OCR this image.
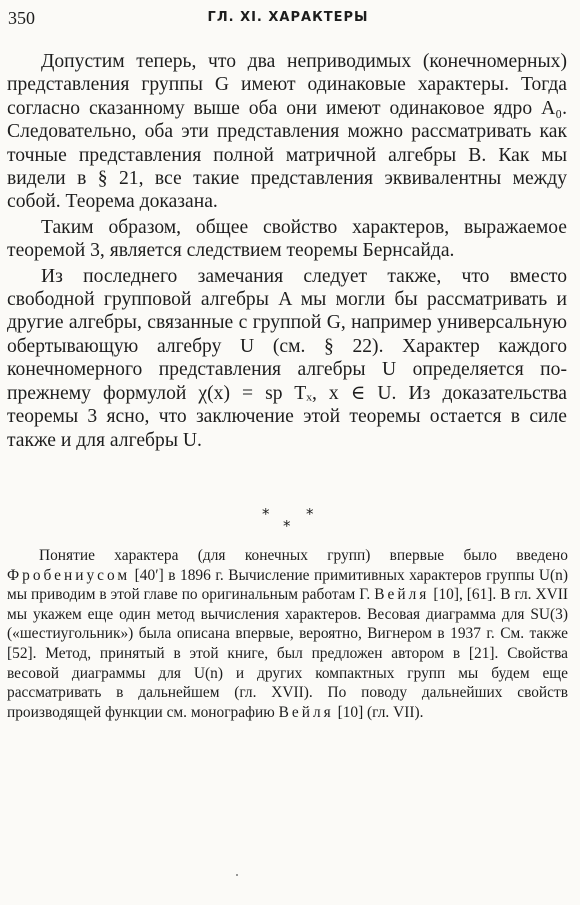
350	ГЛ. XI. ХАРАКТЕРЫ

Допустим теперь, что два неприводимых (конечномерных) представления группы G имеют одинаковые характеры. Тогда согласно сказанному выше оба они имеют одинаковое ядро A₀. Следовательно, оба эти представления можно рассматривать как точные представления полной матричной алгебры B. Как мы видели в § 21, все такие представления эквивалентны между собой. Теорема доказана.

Таким образом, общее свойство характеров, выражаемое теоремой 3, является следствием теоремы Бернсайда.

Из последнего замечания следует также, что вместо свободной групповой алгебры A мы могли бы рассматривать и другие алгебры, связанные с группой G, например универсальную обертывающую алгебру U (см. § 22). Характер каждого конечномерного представления алгебры U определяется по-прежнему формулой χ(x) = sp Tₓ, x ∈ U. Из доказательства теоремы 3 ясно, что заключение этой теоремы остается в силе также и для алгебры U.

* *
*

Понятие характера (для конечных групп) впервые было введено Фробениусом [40′] в 1896 г. Вычисление примитивных характеров группы U(n) мы приводим в этой главе по оригинальным работам Г. Вейля [10], [61]. В гл. XVII мы укажем еще один метод вычисления характеров. Весовая диаграмма для SU(3) («шестиугольник») была описана впервые, вероятно, Вигнером в 1937 г. См. также [52]. Метод, принятый в этой книге, был предложен автором в [21]. Свойства весовой диаграммы для U(n) и других компактных групп мы будем еще рассматривать в дальнейшем (гл. XVII). По поводу дальнейших свойств производящей функции см. монографию Вейля [10] (гл. VII).
